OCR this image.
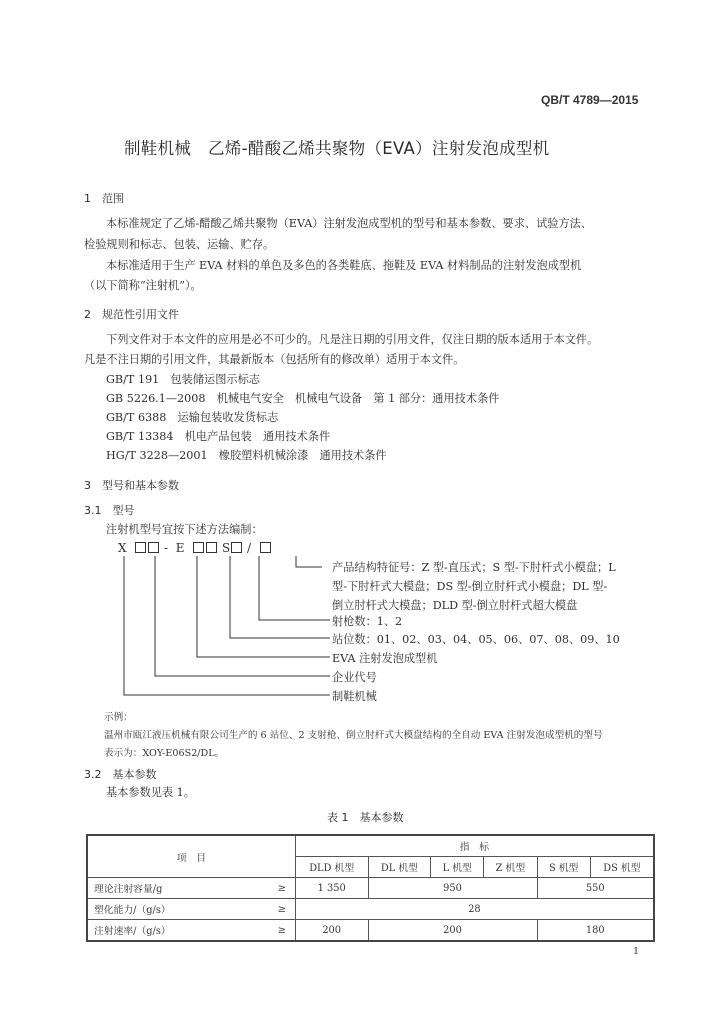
QB/T 4789—2015
制鞋机械　乙烯-醋酸乙烯共聚物（EVA）注射发泡成型机
1　范围
本标准规定了乙烯-醋酸乙烯共聚物（EVA）注射发泡成型机的型号和基本参数、要求、试验方法、
检验规则和标志、包装、运输、贮存。
本标准适用于生产 EVA 材料的单色及多色的各类鞋底、拖鞋及 EVA 材料制品的注射发泡成型机
（以下简称“注射机”）。
2　规范性引用文件
下列文件对于本文件的应用是必不可少的。凡是注日期的引用文件，仅注日期的版本适用于本文件。
凡是不注日期的引用文件，其最新版本（包括所有的修改单）适用于本文件。
GB/T 191　包装储运图示标志
GB 5226.1—2008　机械电气安全　机械电气设备　第 1 部分：通用技术条件
GB/T 6388　运输包装收发货标志
GB/T 13384　机电产品包装　通用技术条件
HG/T 3228—2001　橡胶塑料机械涂漆　通用技术条件
3　型号和基本参数
3.1　型号
注射机型号宜按下述方法编制：
X	- E	S /
产品结构特征号：Z 型-直压式；S 型-下肘杆式小模盘；L
型-下肘杆式大模盘；DS 型-倒立肘杆式小模盘；DL 型-
倒立肘杆式大模盘；DLD 型-倒立肘杆式超大模盘
射枪数：1、2
站位数：01、02、03、04、05、06、07、08、09、10
EVA 注射发泡成型机
企业代号
制鞋机械
示例：
温州市瓯江液压机械有限公司生产的 6 站位、2 支射枪、倒立肘杆式大模盘结构的全自动 EVA 注射发泡成型机的型号
表示为：XOY-E06S2/DL。
3.2　基本参数
基本参数见表 1。
表 1　基本参数
项　目		指　标					
		DLD 机型	DL 机型	L 机型	Z 机型	S 机型	DS 机型
理论注射容量/g	≥	1 350	950			550	
塑化能力/（g/s）	≥	28					
注射速率/（g/s）	≥	200	200			180	
1
